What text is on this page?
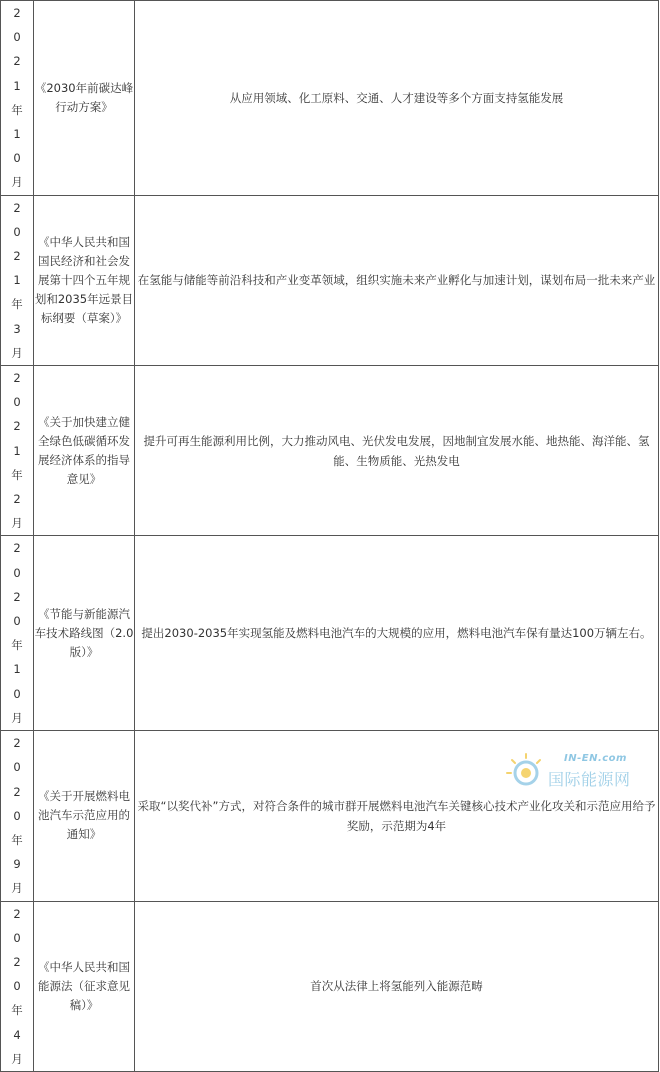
2021年10月	《2030年前碳达峰行动方案》	从应用领域、化工原料、交通、人才建设等多个方面支持氢能发展

2021年3月	《中华人民共和国国民经济和社会发展第十四个五年规划和2035年远景目标纲要（草案）》	在氢能与储能等前沿科技和产业变革领域，组织实施未来产业孵化与加速计划，谋划布局一批未来产业

2021年2月	《关于加快建立健全绿色低碳循环发展经济体系的指导意见》	提升可再生能源利用比例，大力推动风电、光伏发电发展，因地制宜发展水能、地热能、海洋能、氢能、生物质能、光热发电

2020年10月	《节能与新能源汽车技术路线图（2.0版）》	提出2030-2035年实现氢能及燃料电池汽车的大规模的应用，燃料电池汽车保有量达100万辆左右。

2020年9月	《关于开展燃料电池汽车示范应用的通知》	采取“以奖代补”方式，对符合条件的城市群开展燃料电池汽车关键核心技术产业化攻关和示范应用给予奖励，示范期为4年

2020年4月	《中华人民共和国能源法（征求意见稿）》	首次从法律上将氢能列入能源范畴
IN-EN.com
国际能源网
